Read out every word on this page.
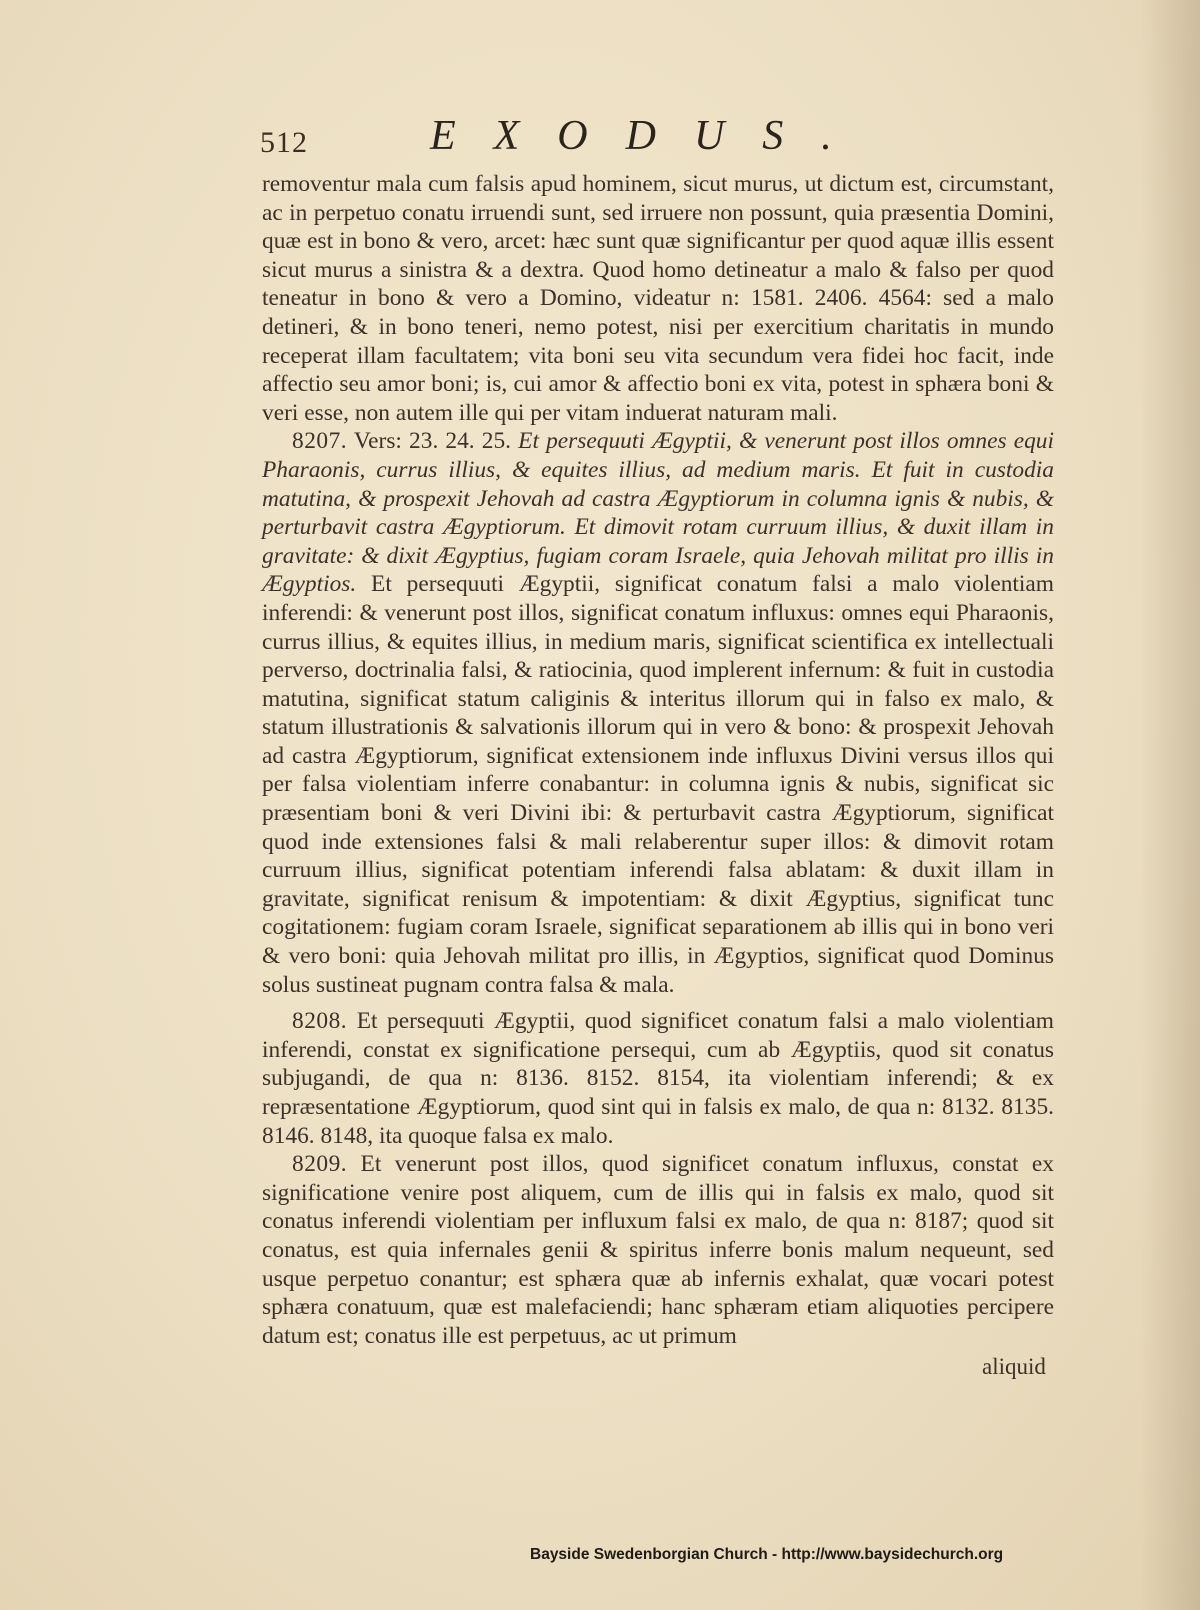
512	EXODUS.

removentur mala cum falsis apud hominem, sicut murus, ut dictum est, circumstant, ac in perpetuo conatu irruendi sunt, sed irruere non possunt, quia præsentia Domini, quæ est in bono & vero, arcet: hæc sunt quæ significantur per quod aquæ illis essent sicut murus a sinistra & a dextra. Quod homo detineatur a malo & falso per quod teneatur in bono & vero a Domino, videatur n: 1581. 2406. 4564: sed a malo detineri, & in bono teneri, nemo potest, nisi per exercitium charitatis in mundo receperat illam facultatem; vita boni seu vita secundum vera fidei hoc facit, inde affectio seu amor boni; is, cui amor & affectio boni ex vita, potest in sphæra boni & veri esse, non autem ille qui per vitam induerat naturam mali.

8207. Vers: 23. 24. 25. Et persequuti Ægyptii, & venerunt post illos omnes equi Pharaonis, currus illius, & equites illius, ad medium maris. Et fuit in custodia matutina, & prospexit Jehovah ad castra Ægyptiorum in columna ignis & nubis, & perturbavit castra Ægyptiorum. Et dimovit rotam curruum illius, & duxit illam in gravitate: & dixit Ægyptius, fugiam coram Israele, quia Jehovah militat pro illis in Ægyptios. Et persequuti Ægyptii, significat conatum falsi a malo violentiam inferendi: & venerunt post illos, significat conatum influxus: omnes equi Pharaonis, currus illius, & equites illius, in medium maris, significat scientifica ex intellectuali perverso, doctrinalia falsi, & ratiocinia, quod implerent infernum: & fuit in custodia matutina, significat statum caliginis & interitus illorum qui in falso ex malo, & statum illustrationis & salvationis illorum qui in vero & bono: & prospexit Jehovah ad castra Ægyptiorum, significat extensionem inde influxus Divini versus illos qui per falsa violentiam inferre conabantur: in columna ignis & nubis, significat sic præsentiam boni & veri Divini ibi: & perturbavit castra Ægyptiorum, significat quod inde extensiones falsi & mali relaberentur super illos: & dimovit rotam curruum illius, significat potentiam inferendi falsa ablatam: & duxit illam in gravitate, significat renisum & impotentiam: & dixit Ægyptius, significat tunc cogitationem: fugiam coram Israele, significat separationem ab illis qui in bono veri & vero boni: quia Jehovah militat pro illis, in Ægyptios, significat quod Dominus solus sustineat pugnam contra falsa & mala.

8208. Et persequuti Ægyptii, quod significet conatum falsi a malo violentiam inferendi, constat ex significatione persequi, cum ab Ægyptiis, quod sit conatus subjugandi, de qua n: 8136. 8152. 8154, ita violentiam inferendi; & ex repræsentatione Ægyptiorum, quod sint qui in falsis ex malo, de qua n: 8132. 8135. 8146. 8148, ita quoque falsa ex malo.

8209. Et venerunt post illos, quod significet conatum influxus, constat ex significatione venire post aliquem, cum de illis qui in falsis ex malo, quod sit conatus inferendi violentiam per influxum falsi ex malo, de qua n: 8187; quod sit conatus, est quia infernales genii & spiritus inferre bonis malum nequeunt, sed usque perpetuo conantur; est sphæra quæ ab infernis exhalat, quæ vocari potest sphæra conatuum, quæ est malefaciendi; hanc sphæram etiam aliquoties percipere datum est; conatus ille est perpetuus, ac ut primum

aliquid
Bayside Swedenborgian Church - http://www.baysidechurch.org
